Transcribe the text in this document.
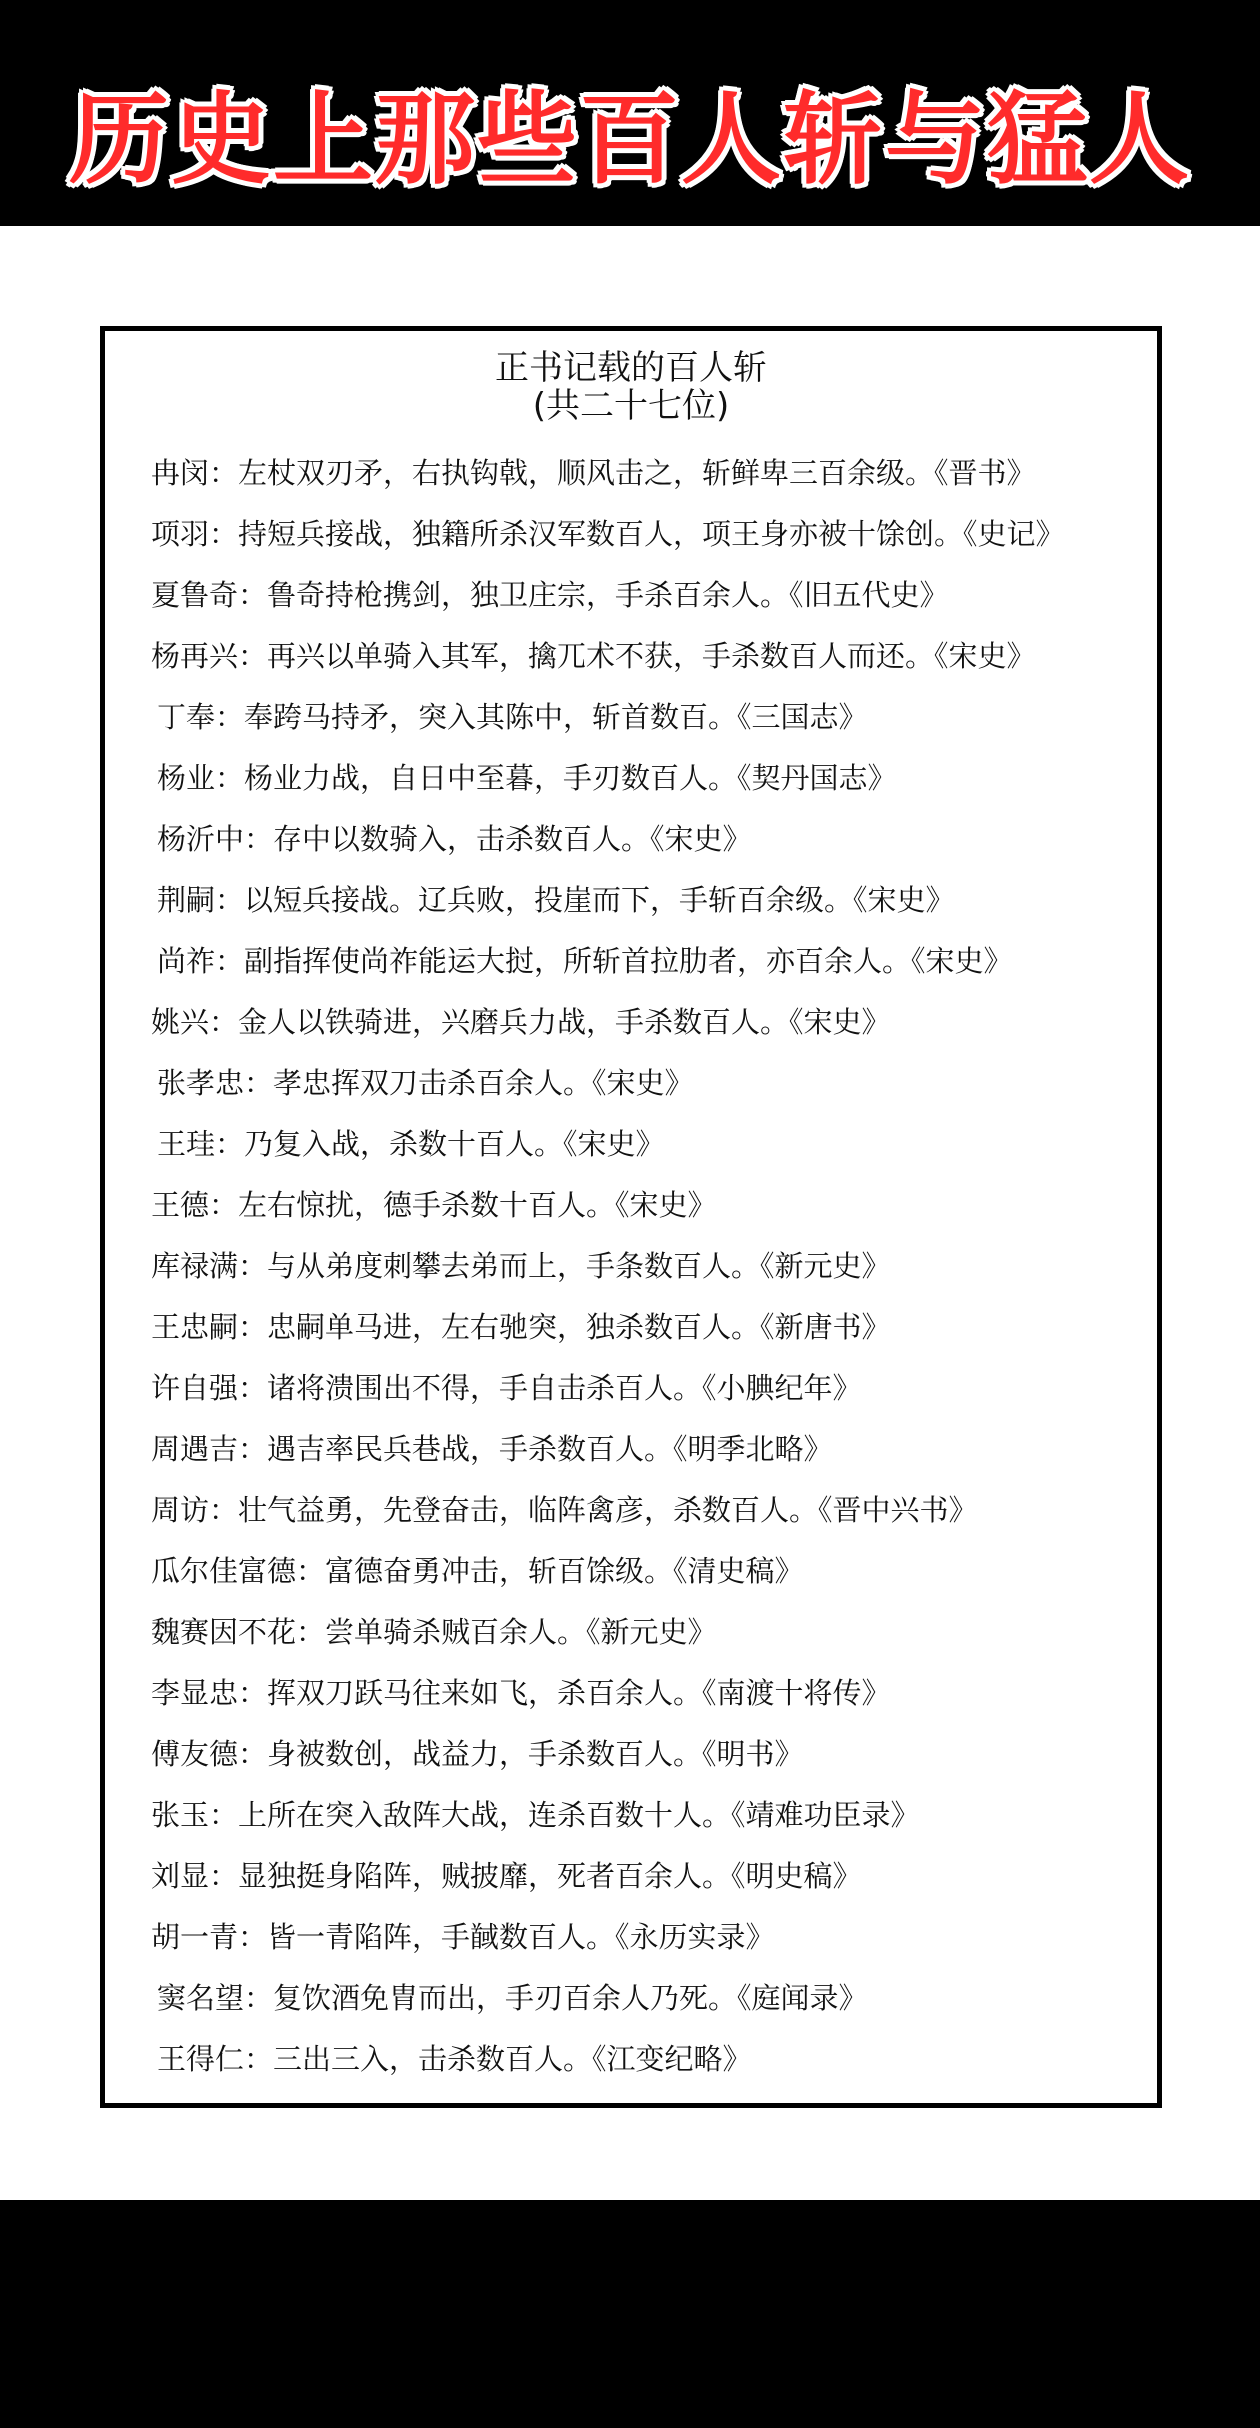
历史上那些百人斩与猛人
正书记载的百人斩
(共二十七位)
冉闵：左杖双刃矛，右执钩戟，顺风击之，斩鲜卑三百余级。《晋书》
项羽：持短兵接战，独籍所杀汉军数百人，项王身亦被十馀创。《史记》
夏鲁奇：鲁奇持枪携剑，独卫庄宗，手杀百余人。《旧五代史》
杨再兴：再兴以单骑入其军，擒兀术不获，手杀数百人而还。《宋史》
丁奉：奉跨马持矛，突入其陈中，斩首数百。《三国志》
杨业：杨业力战，自日中至暮，手刃数百人。《契丹国志》
杨沂中：存中以数骑入，击杀数百人。《宋史》
荆嗣：以短兵接战。辽兵败，投崖而下，手斩百余级。《宋史》
尚祚：副指挥使尚祚能运大挝，所斩首拉肋者，亦百余人。《宋史》
姚兴：金人以铁骑进，兴磨兵力战，手杀数百人。《宋史》
张孝忠：孝忠挥双刀击杀百余人。《宋史》
王珪：乃复入战，杀数十百人。《宋史》
王德：左右惊扰，德手杀数十百人。《宋史》
库禄满：与从弟度刺攀去弟而上，手条数百人。《新元史》
王忠嗣：忠嗣单马进，左右驰突，独杀数百人。《新唐书》
许自强：诸将溃围出不得，手自击杀百人。《小腆纪年》
周遇吉：遇吉率民兵巷战，手杀数百人。《明季北略》
周访：壮气益勇，先登奋击，临阵禽彦，杀数百人。《晋中兴书》
瓜尔佳富德：富德奋勇冲击，斩百馀级。《清史稿》
魏赛因不花：尝单骑杀贼百余人。《新元史》
李显忠：挥双刀跃马往来如飞，杀百余人。《南渡十将传》
傅友德：身被数创，战益力，手杀数百人。《明书》
张玉：上所在突入敌阵大战，连杀百数十人。《靖难功臣录》
刘显：显独挺身陷阵，贼披靡，死者百余人。《明史稿》
胡一青：皆一青陷阵，手馘数百人。《永历实录》
窦名望：复饮酒免胄而出，手刃百余人乃死。《庭闻录》
王得仁：三出三入，击杀数百人。《江变纪略》
